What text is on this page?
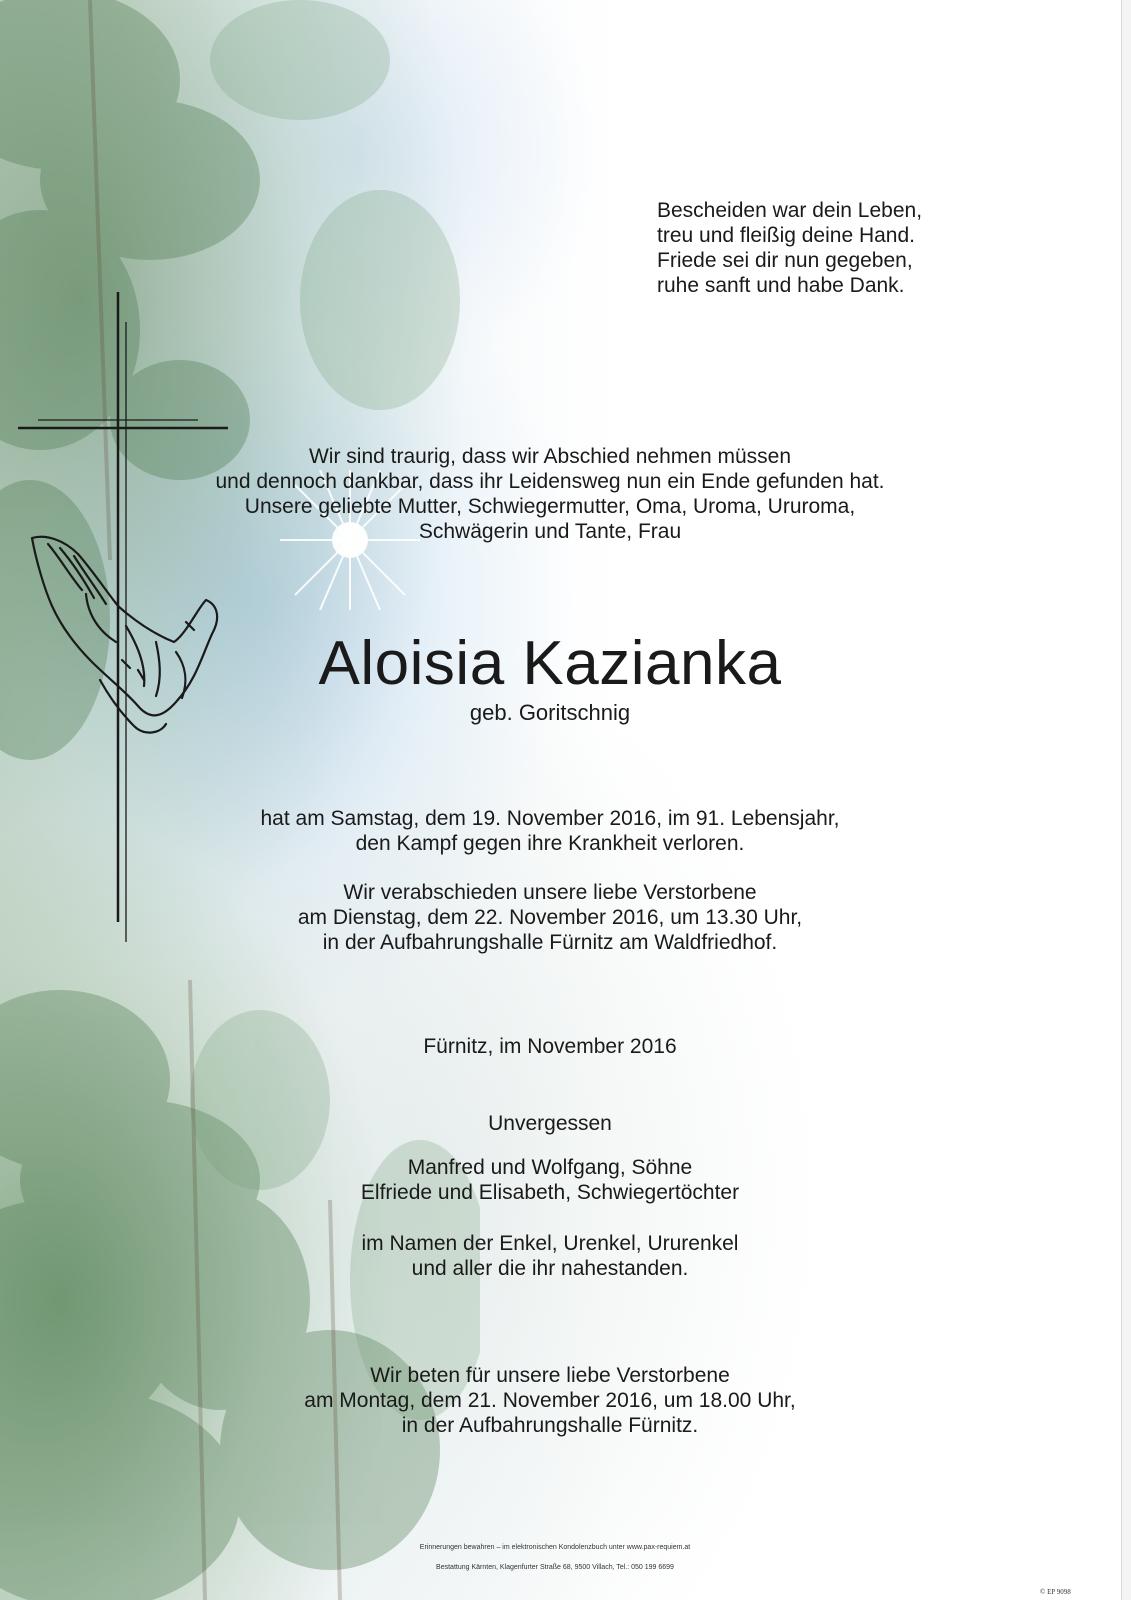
Bescheiden war dein Leben,
treu und fleißig deine Hand.
Friede sei dir nun gegeben,
ruhe sanft und habe Dank.
Wir sind traurig, dass wir Abschied nehmen müssen
und dennoch dankbar, dass ihr Leidensweg nun ein Ende gefunden hat.
Unsere geliebte Mutter, Schwiegermutter, Oma, Uroma, Ururoma,
Schwägerin und Tante, Frau
Aloisia Kazianka
geb. Goritschnig
hat am Samstag, dem 19. November 2016, im 91. Lebensjahr,
den Kampf gegen ihre Krankheit verloren.
Wir verabschieden unsere liebe Verstorbene
am Dienstag, dem 22. November 2016, um 13.30 Uhr,
in der Aufbahrungshalle Fürnitz am Waldfriedhof.
Fürnitz, im November 2016
Unvergessen
Manfred und Wolfgang, Söhne
Elfriede und Elisabeth, Schwiegertöchter
im Namen der Enkel, Urenkel, Ururenkel
und aller die ihr nahestanden.
Wir beten für unsere liebe Verstorbene
am Montag, dem 21. November 2016, um 18.00 Uhr,
in der Aufbahrungshalle Fürnitz.
Erinnerungen bewahren – im elektronischen Kondolenzbuch unter www.pax-requiem.at
Bestattung Kärnten, Klagenfurter Straße 68, 9500 Villach, Tel.: 050 199 6699
© EP 9098
